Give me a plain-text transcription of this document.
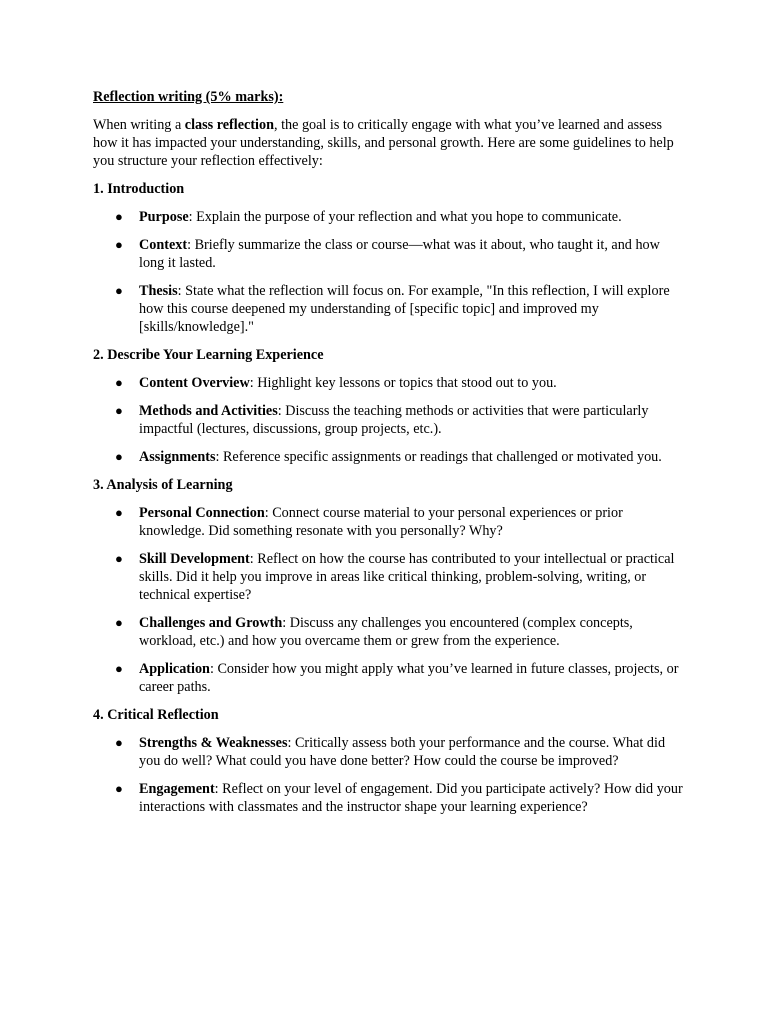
Reflection writing (5% marks):

When writing a class reflection, the goal is to critically engage with what you’ve learned and assess how it has impacted your understanding, skills, and personal growth. Here are some guidelines to help you structure your reflection effectively:

1. Introduction

● Purpose: Explain the purpose of your reflection and what you hope to communicate.
● Context: Briefly summarize the class or course—what was it about, who taught it, and how long it lasted.
● Thesis: State what the reflection will focus on. For example, "In this reflection, I will explore how this course deepened my understanding of [specific topic] and improved my [skills/knowledge]."

2. Describe Your Learning Experience

● Content Overview: Highlight key lessons or topics that stood out to you.
● Methods and Activities: Discuss the teaching methods or activities that were particularly impactful (lectures, discussions, group projects, etc.).
● Assignments: Reference specific assignments or readings that challenged or motivated you.

3. Analysis of Learning

● Personal Connection: Connect course material to your personal experiences or prior knowledge. Did something resonate with you personally? Why?
● Skill Development: Reflect on how the course has contributed to your intellectual or practical skills. Did it help you improve in areas like critical thinking, problem-solving, writing, or technical expertise?
● Challenges and Growth: Discuss any challenges you encountered (complex concepts, workload, etc.) and how you overcame them or grew from the experience.
● Application: Consider how you might apply what you’ve learned in future classes, projects, or career paths.

4. Critical Reflection

● Strengths & Weaknesses: Critically assess both your performance and the course. What did you do well? What could you have done better? How could the course be improved?
● Engagement: Reflect on your level of engagement. Did you participate actively? How did your interactions with classmates and the instructor shape your learning experience?
